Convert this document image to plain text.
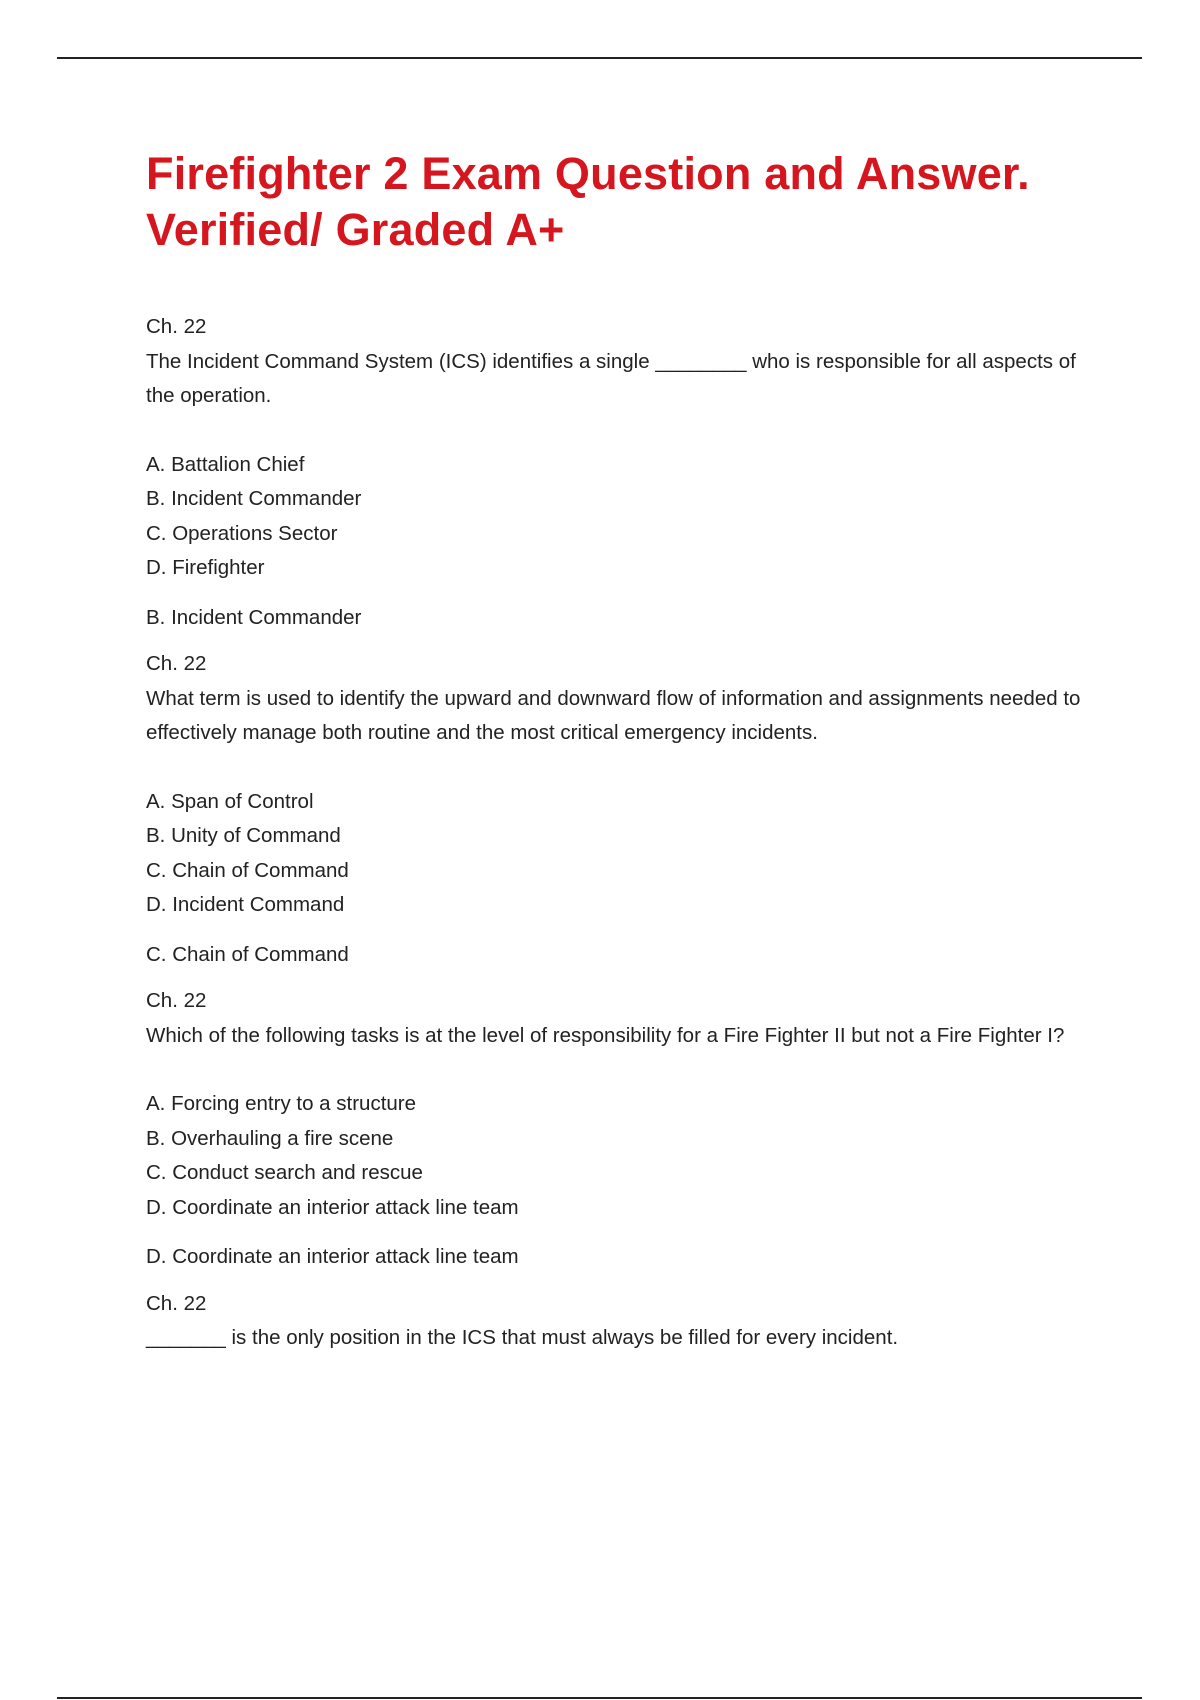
Firefighter 2 Exam Question and Answer.
Verified/ Graded A+
Ch. 22
The Incident Command System (ICS) identifies a single ________ who is responsible for all aspects of the operation.
A. Battalion Chief
B. Incident Commander
C. Operations Sector
D. Firefighter
B. Incident Commander
Ch. 22
What term is used to identify the upward and downward flow of information and assignments needed to effectively manage both routine and the most critical emergency incidents.
A. Span of Control
B. Unity of Command
C. Chain of Command
D. Incident Command
C. Chain of Command
Ch. 22
Which of the following tasks is at the level of responsibility for a Fire Fighter II but not a Fire Fighter I?
A. Forcing entry to a structure
B. Overhauling a fire scene
C. Conduct search and rescue
D. Coordinate an interior attack line team
D. Coordinate an interior attack line team
Ch. 22
_______ is the only position in the ICS that must always be filled for every incident.
